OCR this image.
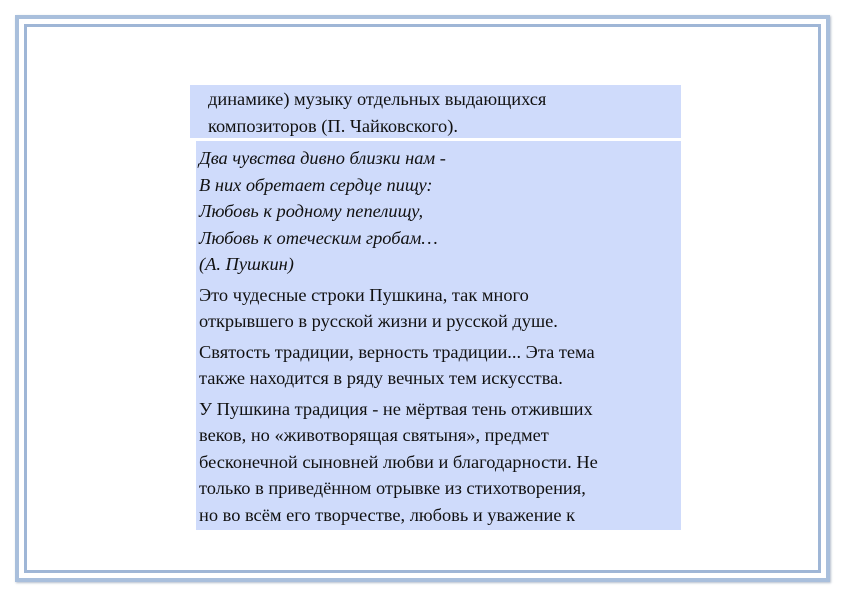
динамике) музыку отдельных выдающихся
композиторов (П. Чайковского).
Два чувства дивно близки нам -
В них обретает сердце пищу:
Любовь к родному пепелищу,
Любовь к отеческим гробам…
(А. Пушкин)
Это чудесные строки Пушкина, так много
открывшего в русской жизни и русской душе.
Святость традиции, верность традиции... Эта тема
также находится в ряду вечных тем искусства.
У Пушкина традиция - не мёртвая тень отживших
веков, но «животворящая святыня», предмет
бесконечной сыновней любви и благодарности. Не
только в приведённом отрывке из стихотворения,
но во всём его творчестве, любовь и уважение к
